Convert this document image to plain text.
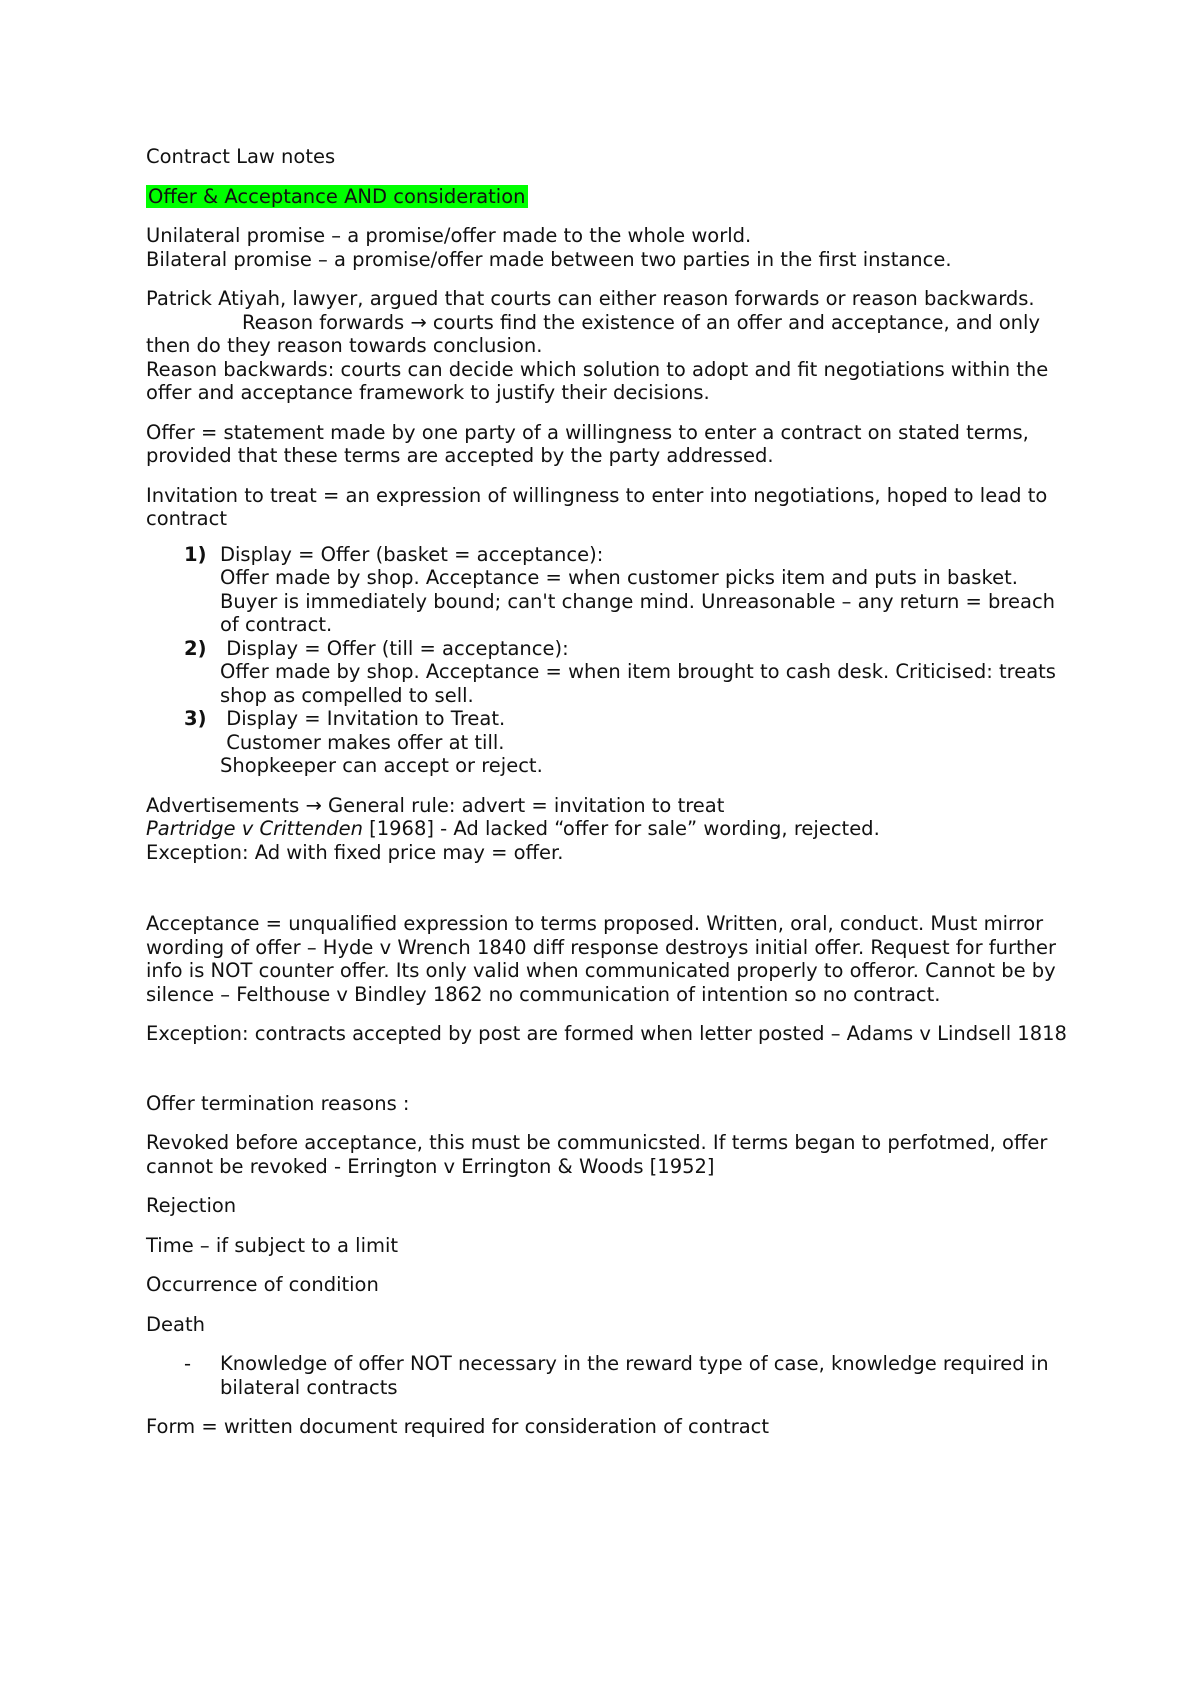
Contract Law notes

Offer & Acceptance AND consideration

Unilateral promise – a promise/offer made to the whole world.
Bilateral promise – a promise/offer made between two parties in the first instance.

Patrick Atiyah, lawyer, argued that courts can either reason forwards or reason backwards.Reason forwards → courts find the existence of an offer and acceptance, and only then do they reason towards conclusion.
Reason backwards: courts can decide which solution to adopt and fit negotiations within the offer and acceptance framework to justify their decisions.

Offer = statement made by one party of a willingness to enter a contract on stated terms, provided that these terms are accepted by the party addressed.

Invitation to treat = an expression of willingness to enter into negotiations, hoped to lead to contract

1) Display = Offer (basket = acceptance):
Offer made by shop. Acceptance = when customer picks item and puts in basket. Buyer is immediately bound; can't change mind. Unreasonable – any return = breach of contract.
2) Display = Offer (till = acceptance):
Offer made by shop. Acceptance = when item brought to cash desk. Criticised: treats shop as compelled to sell.
3) Display = Invitation to Treat.
Customer makes offer at till.
Shopkeeper can accept or reject.

Advertisements → General rule: advert = invitation to treat
Partridge v Crittenden [1968] - Ad lacked “offer for sale” wording, rejected.
Exception: Ad with fixed price may = offer.

Acceptance = unqualified expression to terms proposed. Written, oral, conduct. Must mirror wording of offer – Hyde v Wrench 1840 diff response destroys initial offer. Request for further info is NOT counter offer. Its only valid when communicated properly to offeror. Cannot be by silence – Felthouse v Bindley 1862 no communication of intention so no contract.

Exception: contracts accepted by post are formed when letter posted – Adams v Lindsell 1818

Offer termination reasons :

Revoked before acceptance, this must be communicsted. If terms began to perfotmed, offer cannot be revoked - Errington v Errington & Woods [1952]

Rejection

Time – if subject to a limit

Occurrence of condition

Death

- Knowledge of offer NOT necessary in the reward type of case, knowledge required in bilateral contracts

Form = written document required for consideration of contract
